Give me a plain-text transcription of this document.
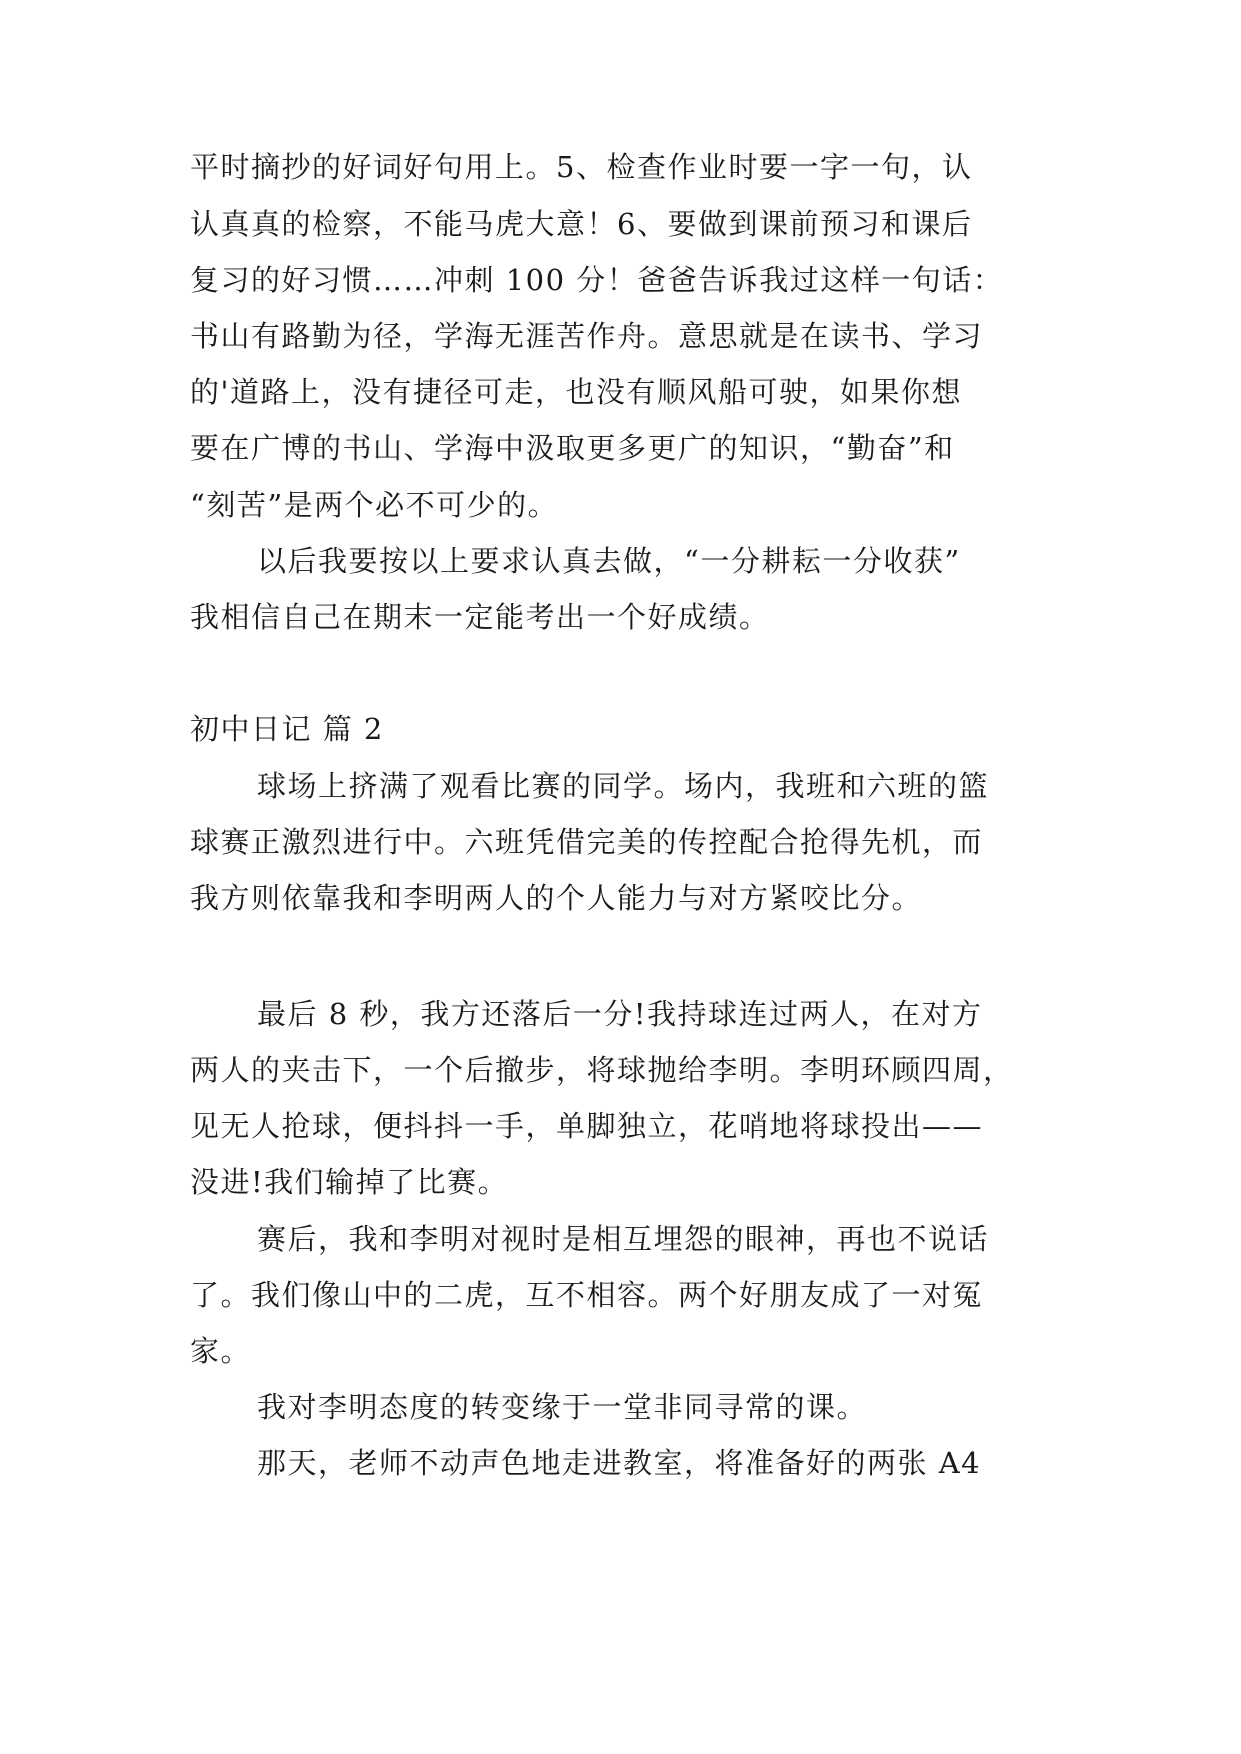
平时摘抄的好词好句用上。5、检查作业时要一字一句，认
认真真的检察，不能马虎大意！6、要做到课前预习和课后
复习的好习惯……冲刺 100 分！爸爸告诉我过这样一句话：
书山有路勤为径，学海无涯苦作舟。意思就是在读书、学习
的'道路上，没有捷径可走，也没有顺风船可驶，如果你想
要在广博的书山、学海中汲取更多更广的知识，“勤奋”和
“刻苦”是两个必不可少的。
以后我要按以上要求认真去做，“一分耕耘一分收获”
我相信自己在期末一定能考出一个好成绩。
初中日记 篇 2
球场上挤满了观看比赛的同学。场内，我班和六班的篮
球赛正激烈进行中。六班凭借完美的传控配合抢得先机，而
我方则依靠我和李明两人的个人能力与对方紧咬比分。
最后 8 秒，我方还落后一分!我持球连过两人，在对方
两人的夹击下，一个后撤步，将球抛给李明。李明环顾四周，
见无人抢球，便抖抖一手，单脚独立，花哨地将球投出——
没进!我们输掉了比赛。
赛后，我和李明对视时是相互埋怨的眼神，再也不说话
了。我们像山中的二虎，互不相容。两个好朋友成了一对冤
家。
我对李明态度的转变缘于一堂非同寻常的课。
那天，老师不动声色地走进教室，将准备好的两张 A4
